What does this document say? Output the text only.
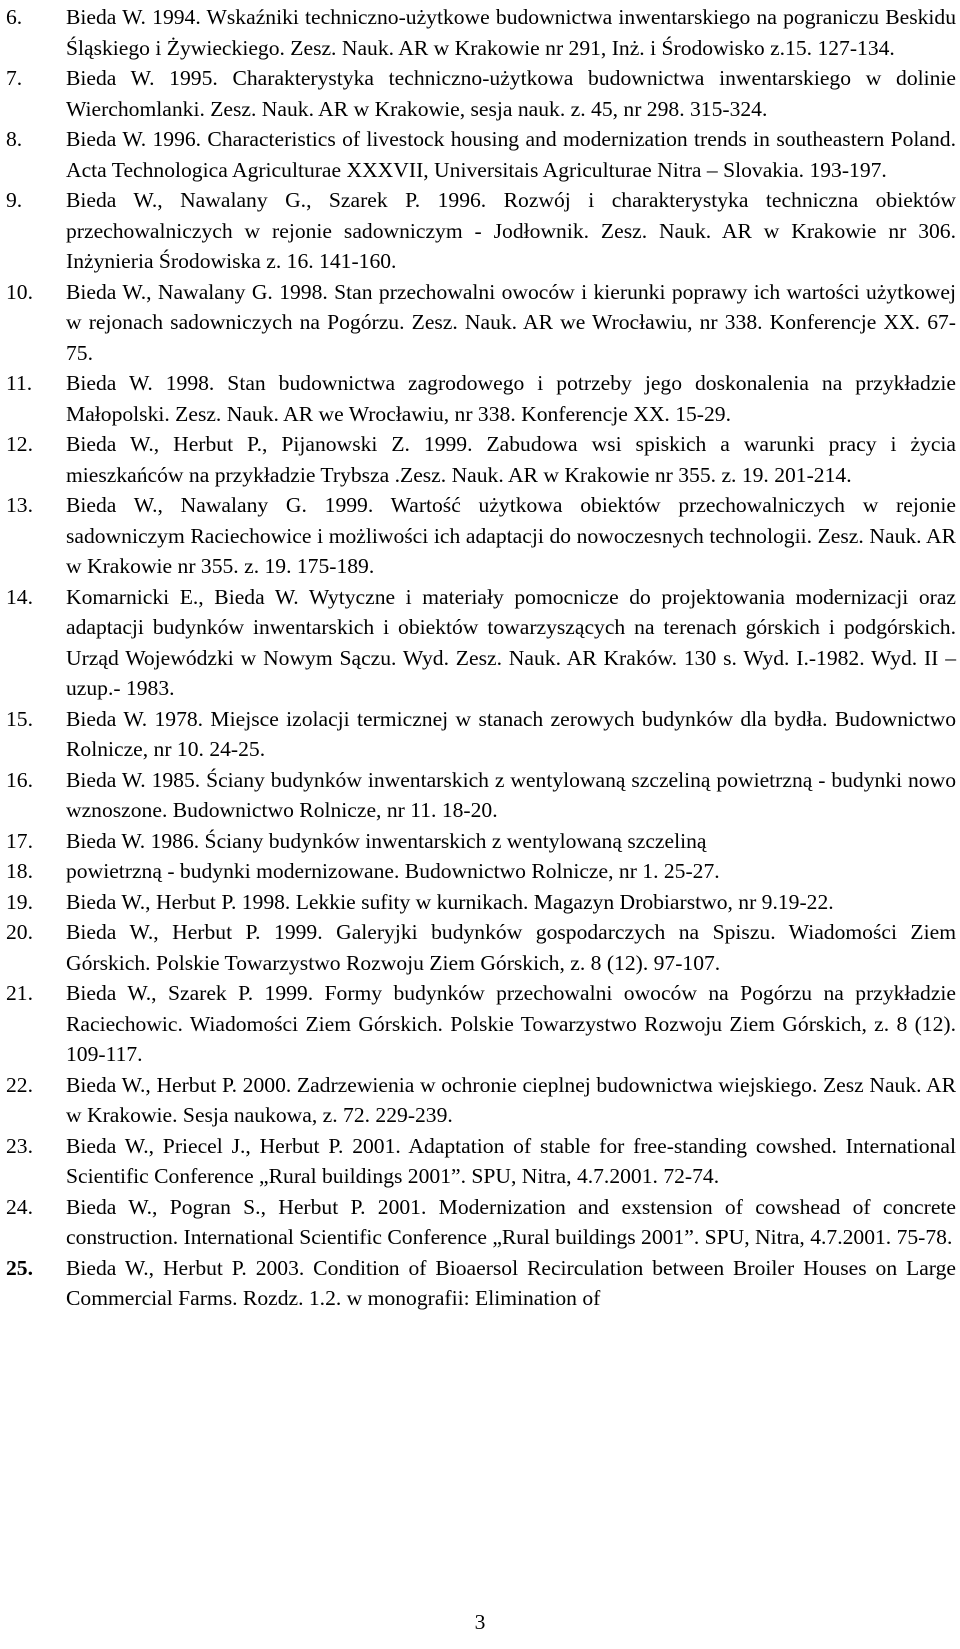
6.	Bieda W. 1994. Wskaźniki techniczno-użytkowe budownictwa inwentarskiego na pograniczu Beskidu Śląskiego i Żywieckiego. Zesz. Nauk. AR w Krakowie nr 291, Inż. i Środowisko z.15. 127-134.
7.	Bieda W. 1995. Charakterystyka techniczno-użytkowa budownictwa inwentarskiego w dolinie Wierchomlanki. Zesz. Nauk. AR w Krakowie, sesja nauk. z. 45, nr 298. 315-324.
8.	Bieda W. 1996. Characteristics of livestock housing and modernization trends in southeastern Poland. Acta Technologica Agriculturae XXXVII, Universitais Agriculturae Nitra – Slovakia. 193-197.
9.	Bieda W., Nawalany G., Szarek P. 1996. Rozwój i charakterystyka techniczna obiektów przechowalniczych w rejonie sadowniczym - Jodłownik. Zesz. Nauk. AR w Krakowie nr 306. Inżynieria Środowiska z. 16. 141-160.
10.	Bieda W., Nawalany G. 1998. Stan przechowalni owoców i kierunki poprawy ich wartości użytkowej w rejonach sadowniczych na Pogórzu. Zesz. Nauk. AR we Wrocławiu, nr 338. Konferencje XX. 67-75.
11.	Bieda W. 1998. Stan budownictwa zagrodowego i potrzeby jego doskonalenia na przykładzie Małopolski. Zesz. Nauk. AR we Wrocławiu, nr 338. Konferencje XX. 15-29.
12.	Bieda W., Herbut P., Pijanowski Z. 1999. Zabudowa wsi spiskich a warunki pracy i życia mieszkańców na przykładzie Trybsza .Zesz. Nauk. AR w Krakowie nr 355. z. 19. 201-214.
13.	Bieda W., Nawalany G. 1999. Wartość użytkowa obiektów przechowalniczych w rejonie sadowniczym Raciechowice i możliwości ich adaptacji do nowoczesnych technologii. Zesz. Nauk. AR w Krakowie nr 355. z. 19. 175-189.
14.	Komarnicki E., Bieda W. Wytyczne i materiały pomocnicze do projektowania modernizacji oraz adaptacji budynków inwentarskich i obiektów towarzyszących na terenach górskich i podgórskich. Urząd Wojewódzki w Nowym Sączu. Wyd. Zesz. Nauk. AR Kraków. 130 s. Wyd. I.-1982. Wyd. II – uzup.- 1983.
15.	Bieda W. 1978. Miejsce izolacji termicznej w stanach zerowych budynków dla bydła. Budownictwo Rolnicze, nr 10. 24-25.
16.	Bieda W. 1985. Ściany budynków inwentarskich z wentylowaną szczeliną powietrzną - budynki nowo wznoszone. Budownictwo Rolnicze, nr 11. 18-20.
17.	Bieda W. 1986. Ściany budynków inwentarskich z wentylowaną szczeliną
18.	powietrzną - budynki modernizowane. Budownictwo Rolnicze, nr 1. 25-27.
19.	Bieda W., Herbut P. 1998. Lekkie sufity w kurnikach. Magazyn Drobiarstwo, nr 9.19-22.
20.	Bieda W., Herbut P. 1999. Galeryjki budynków gospodarczych na Spiszu. Wiadomości Ziem Górskich. Polskie Towarzystwo Rozwoju Ziem Górskich, z. 8 (12). 97-107.
21.	Bieda W., Szarek P. 1999. Formy budynków przechowalni owoców na Pogórzu na przykładzie Raciechowic. Wiadomości Ziem Górskich. Polskie Towarzystwo Rozwoju Ziem Górskich, z. 8 (12). 109-117.
22.	Bieda W., Herbut P. 2000. Zadrzewienia w ochronie cieplnej budownictwa wiejskiego. Zesz Nauk. AR w Krakowie. Sesja naukowa, z. 72. 229-239.
23.	Bieda W., Priecel J., Herbut P. 2001. Adaptation of stable for free-standing cowshed. International Scientific Conference „Rural buildings 2001”. SPU, Nitra, 4.7.2001. 72-74.
24.	Bieda W., Pogran S., Herbut P. 2001. Modernization and exstension of cowshead of concrete construction. International Scientific Conference „Rural buildings 2001”. SPU, Nitra, 4.7.2001. 75-78.
25.	Bieda W., Herbut P. 2003. Condition of Bioaersol Recirculation between Broiler Houses on Large Commercial Farms. Rozdz. 1.2. w monografii: Elimination of
3
